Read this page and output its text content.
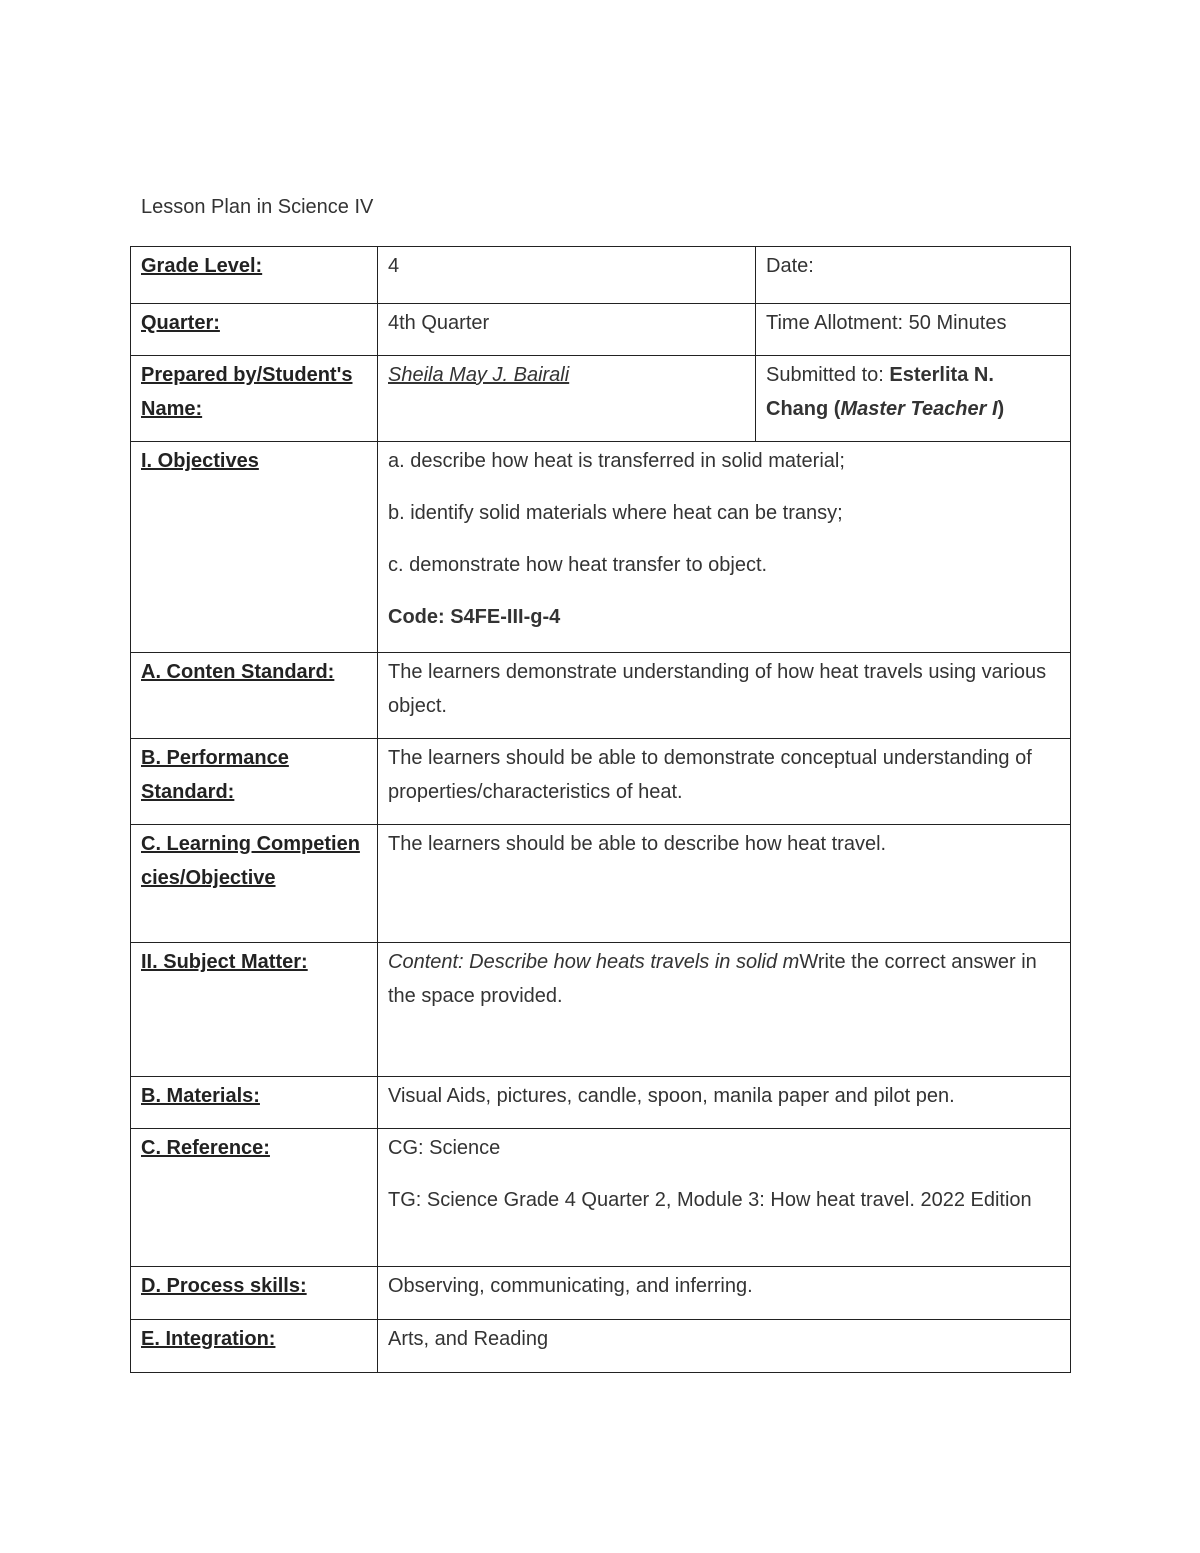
Lesson Plan in Science IV
Grade Level:	4	Date:
Quarter:	4th Quarter	Time Allotment: 50 Minutes
Prepared by/Student's Name:	Sheila May J. Bairali	Submitted to: Esterlita N. Chang (Master Teacher I)
I. Objectives	a. describe how heat is transferred in solid material;

b. identify solid materials where heat can be transy;

c. demonstrate how heat transfer to object.

Code: S4FE-III-g-4	

A. Conten Standard:	The learners demonstrate understanding of how heat travels using various object.	
B. Performance Standard:	The learners should be able to demonstrate conceptual understanding of properties/characteristics of heat.	
C. Learning Competiencies/Objective	The learners should be able to describe how heat travel.	
II. Subject Matter:	Content: Describe how heats travels in solid mWrite the correct answer in the space provided.	
B. Materials:	Visual Aids, pictures, candle, spoon, manila paper and pilot pen.	
C. Reference:	CG: Science

TG: Science Grade 4 Quarter 2, Module 3: How heat travel. 2022 Edition	

D. Process skills:	Observing, communicating, and inferring.	
E. Integration:	Arts, and Reading	
